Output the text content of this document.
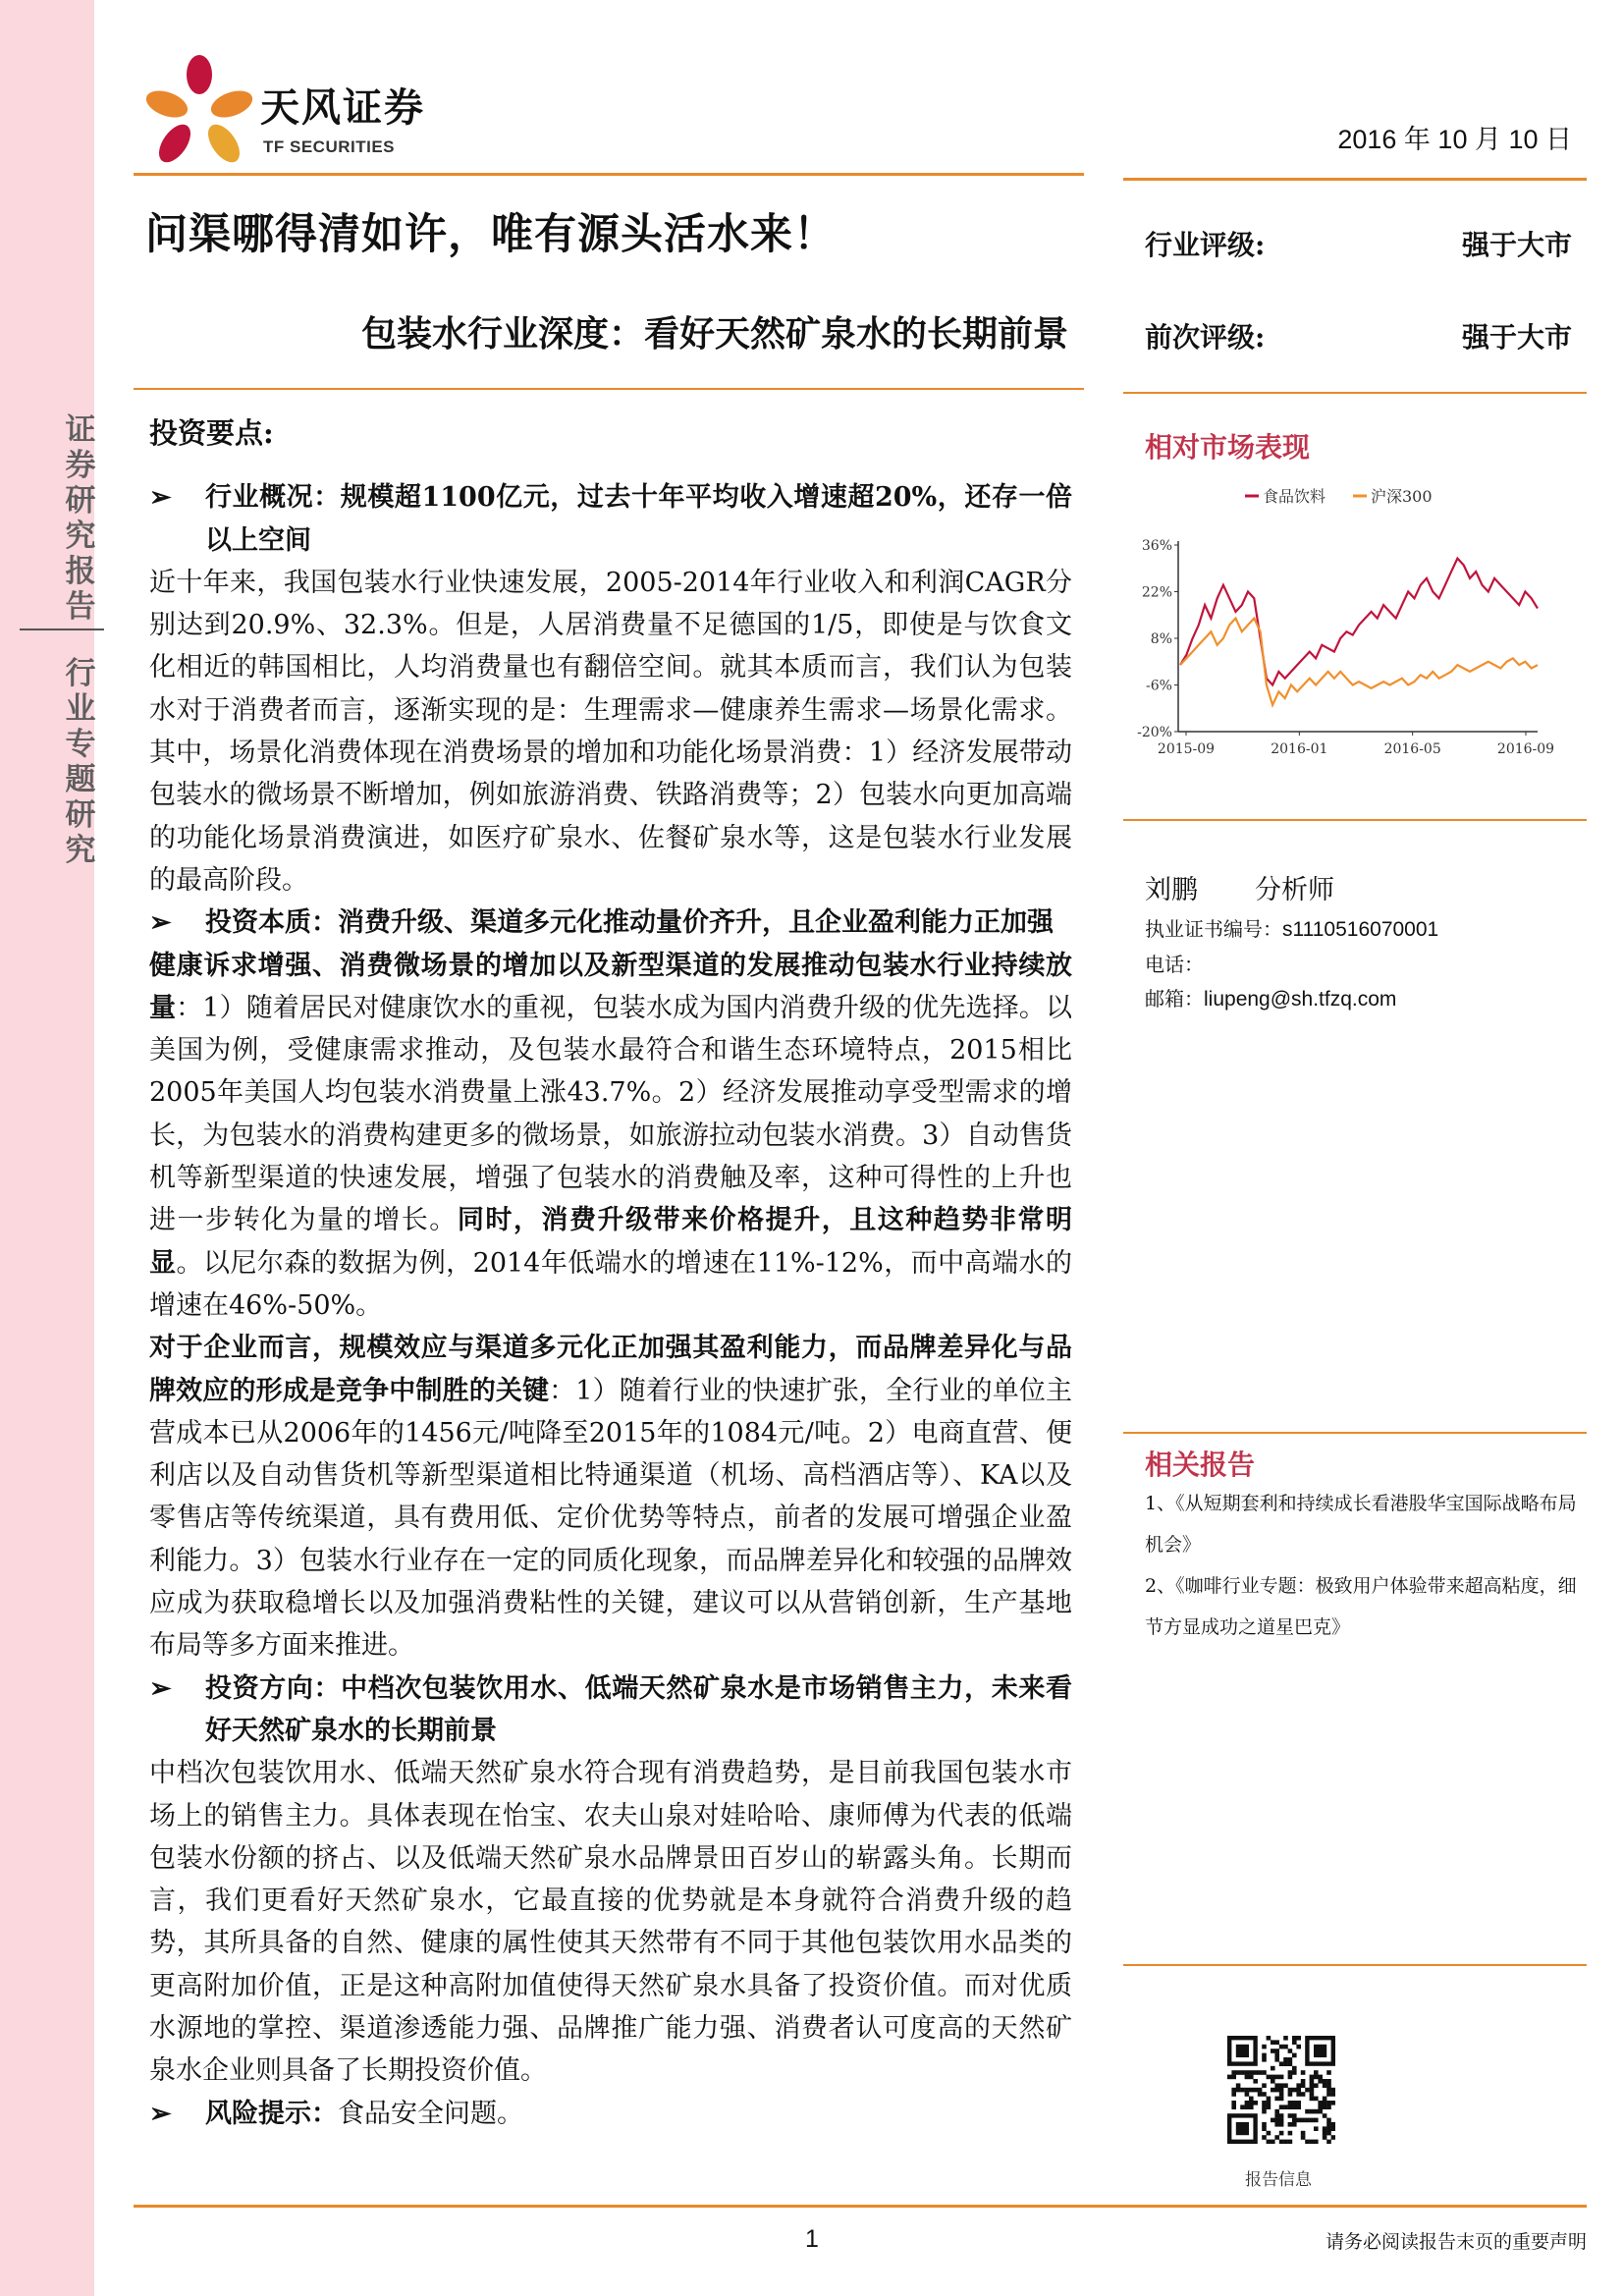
证
券
研
究
报
告
行
业
专
题
研
究
天风证券
TF SECURITIES	2016 年 10 月 10 日
问渠哪得清如许，唯有源头活水来！
包装水行业深度：看好天然矿泉水的长期前景
行业评级:	强于大市
前次评级:	强于大市
相对市场表现
食品饮料	沪深300
36%
22%
8%
-6%
-20%
2015-09	2016-01	2016-05	2016-09
刘鹏 分析师
执业证书编号：s1110516070001
电话：
邮箱：liupeng@sh.tfzq.com
相关报告
1、《从短期套利和持续成长看港股华宝国际战略布局机会》
2、《咖啡行业专题：极致用户体验带来超高粘度，细节方显成功之道星巴克》
报告信息
投资要点:
➢	行业概况：规模超1100亿元，过去十年平均收入增速超20%，还存一倍以上空间

近十年来，我国包装水行业快速发展，2005-2014年行业收入和利润CAGR分别达到20.9%、32.3%。但是，人居消费量不足德国的1/5，即使是与饮食文化相近的韩国相比，人均消费量也有翻倍空间。就其本质而言，我们认为包装水对于消费者而言，逐渐实现的是：生理需求—健康养生需求—场景化需求。其中，场景化消费体现在消费场景的增加和功能化场景消费：1）经济发展带动包装水的微场景不断增加，例如旅游消费、铁路消费等；2）包装水向更加高端的功能化场景消费演进，如医疗矿泉水、佐餐矿泉水等，这是包装水行业发展的最高阶段。

➢	投资本质：消费升级、渠道多元化推动量价齐升，且企业盈利能力正加强

健康诉求增强、消费微场景的增加以及新型渠道的发展推动包装水行业持续放量：1）随着居民对健康饮水的重视，包装水成为国内消费升级的优先选择。以美国为例，受健康需求推动，及包装水最符合和谐生态环境特点，2015相比2005年美国人均包装水消费量上涨43.7%。2）经济发展推动享受型需求的增长，为包装水的消费构建更多的微场景，如旅游拉动包装水消费。3）自动售货机等新型渠道的快速发展，增强了包装水的消费触及率，这种可得性的上升也进一步转化为量的增长。同时，消费升级带来价格提升，且这种趋势非常明显。以尼尔森的数据为例，2014年低端水的增速在11%-12%，而中高端水的增速在46%-50%。

对于企业而言，规模效应与渠道多元化正加强其盈利能力，而品牌差异化与品牌效应的形成是竞争中制胜的关键：1）随着行业的快速扩张，全行业的单位主营成本已从2006年的1456元/吨降至2015年的1084元/吨。2）电商直营、便利店以及自动售货机等新型渠道相比特通渠道（机场、高档酒店等）、KA以及零售店等传统渠道，具有费用低、定价优势等特点，前者的发展可增强企业盈利能力。3）包装水行业存在一定的同质化现象，而品牌差异化和较强的品牌效应成为获取稳增长以及加强消费粘性的关键，建议可以从营销创新，生产基地布局等多方面来推进。

➢	投资方向：中档次包装饮用水、低端天然矿泉水是市场销售主力，未来看好天然矿泉水的长期前景

中档次包装饮用水、低端天然矿泉水符合现有消费趋势，是目前我国包装水市场上的销售主力。具体表现在怡宝、农夫山泉对娃哈哈、康师傅为代表的低端包装水份额的挤占、以及低端天然矿泉水品牌景田百岁山的崭露头角。长期而言，我们更看好天然矿泉水，它最直接的优势就是本身就符合消费升级的趋势，其所具备的自然、健康的属性使其天然带有不同于其他包装饮用水品类的更高附加价值，正是这种高附加值使得天然矿泉水具备了投资价值。而对优质水源地的掌控、渠道渗透能力强、品牌推广能力强、消费者认可度高的天然矿泉水企业则具备了长期投资价值。

➢	风险提示：食品安全问题。
1	请务必阅读报告末页的重要声明
